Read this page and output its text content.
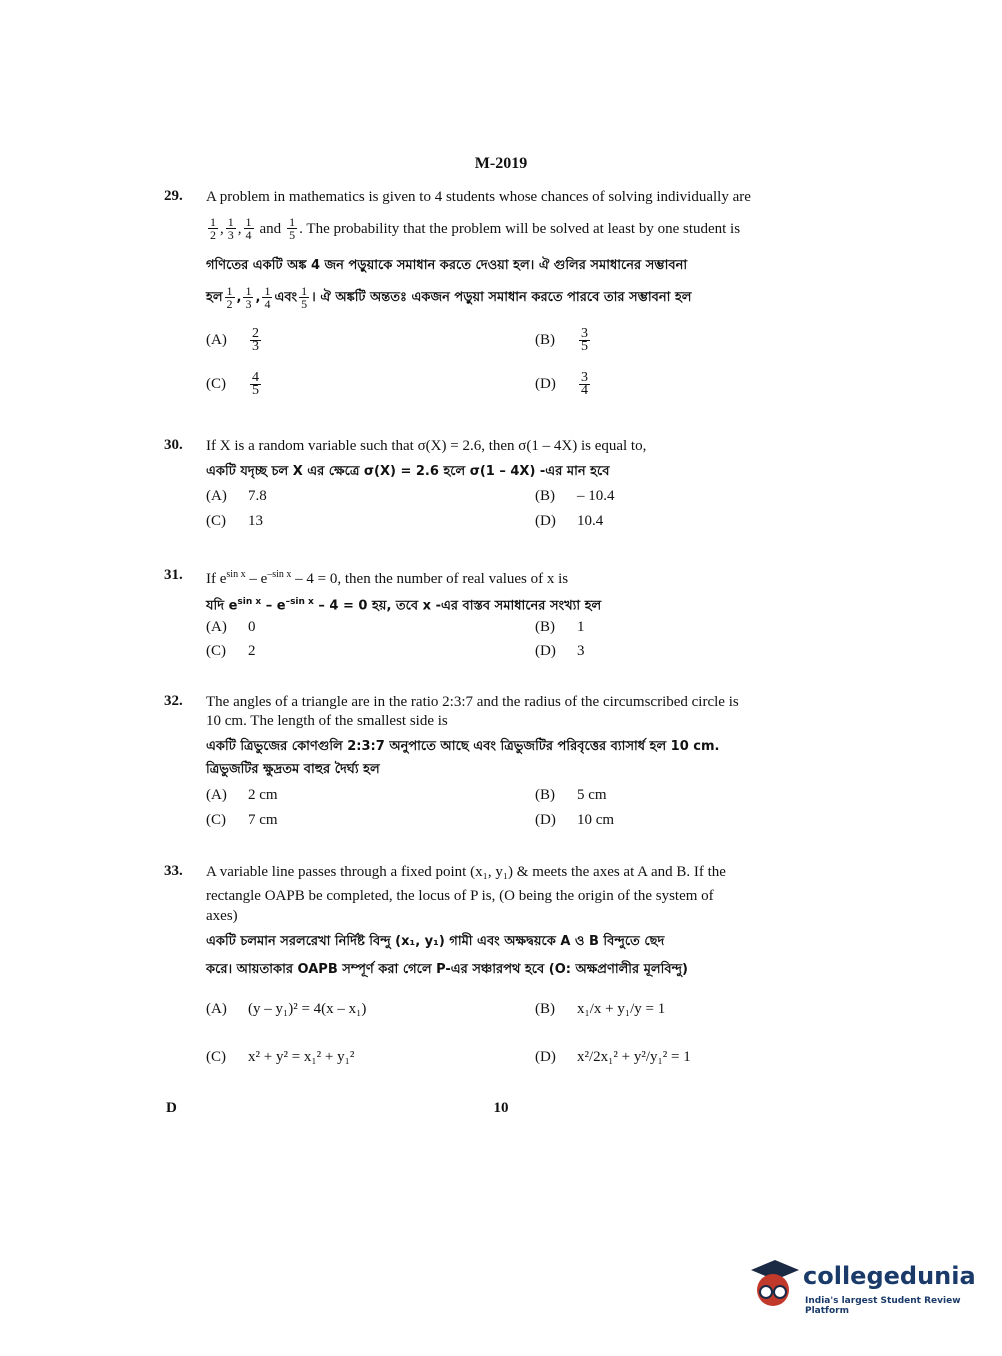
M-2019
29. A problem in mathematics is given to 4 students whose chances of solving individually are
$\frac{1}{2}$ , $\frac{1}{3}$ , $\frac{1}{4}$ and $\frac{1}{5}$ . The probability that the problem will be solved at least by one student is
গণিতের একটি অঙ্ক 4 জন পড়ুয়াকে সমাধান করতে দেওয়া হল। ঐ গুলির সমাধানের সম্ভাবনা
হল $\frac{1}{2}$ , $\frac{1}{3}$ , $\frac{1}{4}$ এবং $\frac{1}{5}$ । ঐ অঙ্কটি অন্ততঃ একজন পড়ুয়া সমাধান করতে পারবে তার সম্ভাবনা হল
(A)	$\frac{2}{3}$	(B)	$\frac{3}{5}$
(C)	$\frac{4}{5}$	(D)	$\frac{3}{4}$
30. If X is a random variable such that σ(X) = 2.6, then σ(1 – 4X) is equal to,
একটি যদৃচ্ছ চল X এর ক্ষেত্রে σ(X) = 2.6 হলে σ(1 – 4X) -এর মান হবে
(A)	7.8	(B)	– 10.4
(C)	13	(D)	10.4
31. If $e^{sin x} - e^{-sin x} - 4 = 0$, then the number of real values of x is
যদি $e^{sin x} - e^{-sin x} - 4 = 0$ হয়, তবে x -এর বাস্তব সমাধানের সংখ্যা হল
(A)	0	(B)	1
(C)	2	(D)	3
32. The angles of a triangle are in the ratio 2:3:7 and the radius of the circumscribed circle is
10 cm. The length of the smallest side is
একটি ত্রিভুজের কোণগুলি 2:3:7 অনুপাতে আছে এবং ত্রিভুজটির পরিবৃত্তের ব্যাসার্ধ হল 10 cm.
ত্রিভুজটির ক্ষুদ্রতম বাহুর দৈর্ঘ্য হল
(A)	2 cm	(B)	5 cm
(C)	7 cm	(D)	10 cm
33. A variable line passes through a fixed point (x₁, y₁) & meets the axes at A and B. If the
rectangle OAPB be completed, the locus of P is, (O being the origin of the system of
axes)
একটি চলমান সরলরেখা নির্দিষ্ট বিন্দু (x₁, y₁) গামী এবং অক্ষদ্বয়কে A ও B বিন্দুতে ছেদ
করে। আয়তাকার OAPB সম্পূর্ণ করা গেলে P-এর সঞ্চারপথ হবে (O: অক্ষপ্রণালীর মূলবিন্দু)
(A)	(y – y₁)² = 4(x – x₁)	(B)	x₁/x + y₁/y = 1
(C)	x² + y² = x₁² + y₁²	(D)	x²/2x₁² + y²/y₁² = 1
D	10
collegedunia
India's largest Student Review Platform
